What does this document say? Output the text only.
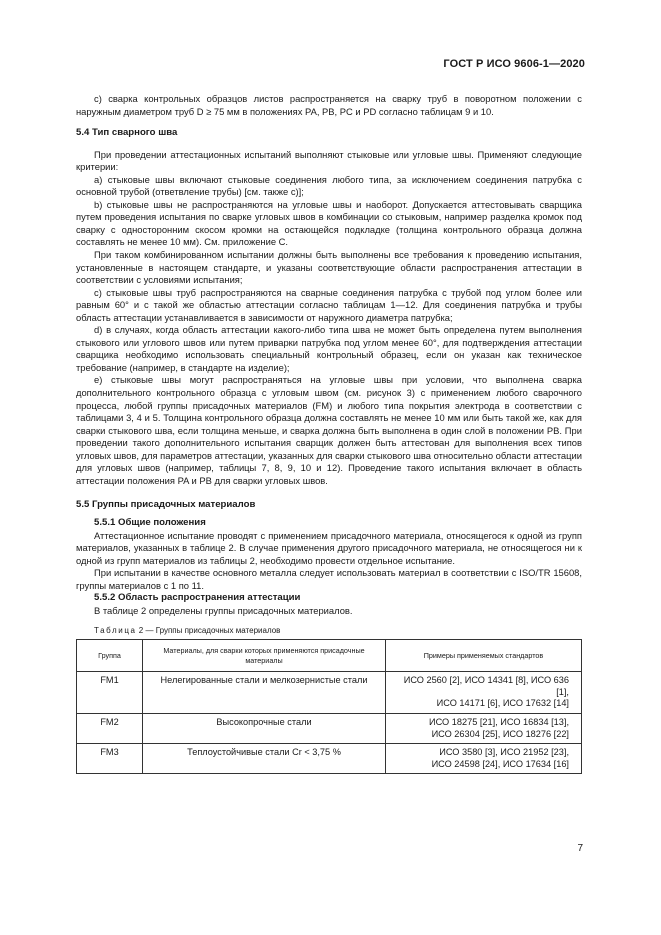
ГОСТ Р ИСО 9606-1—2020

c) сварка контрольных образцов листов распространяется на сварку труб в поворотном положении с наружным диаметром труб D ≥ 75 мм в положениях PA, PB, PC и PD согласно таблицам 9 и 10.

5.4 Тип сварного шва

При проведении аттестационных испытаний выполняют стыковые или угловые швы. Применяют следующие критерии:

а) стыковые швы включают стыковые соединения любого типа, за исключением соединения патрубка с основной трубой (ответвление трубы) [см. также с)];

b) стыковые швы не распространяются на угловые швы и наоборот. Допускается аттестовывать сварщика путем проведения испытания по сварке угловых швов в комбинации со стыковым, например разделка кромок под сварку с односторонним скосом кромки на остающейся подкладке (толщина контрольного образца должна составлять не менее 10 мм). См. приложение С.

При таком комбинированном испытании должны быть выполнены все требования к проведению испытания, установленные в настоящем стандарте, и указаны соответствующие области распространения аттестации в соответствии с условиями испытания;

c) стыковые швы труб распространяются на сварные соединения патрубка с трубой под углом более или равным 60° и с такой же областью аттестации согласно таблицам 1—12. Для соединения патрубка и трубы область аттестации устанавливается в зависимости от наружного диаметра патрубка;

d) в случаях, когда область аттестации какого-либо типа шва не может быть определена путем выполнения стыкового или углового швов или путем приварки патрубка под углом менее 60°, для подтверждения аттестации сварщика необходимо использовать специальный контрольный образец, если он указан как техническое требование (например, в стандарте на изделие);

e) стыковые швы могут распространяться на угловые швы при условии, что выполнена сварка дополнительного контрольного образца с угловым швом (см. рисунок 3) с применением любого сварочного процесса, любой группы присадочных материалов (FM) и любого типа покрытия электрода в соответствии с таблицами 3, 4 и 5. Толщина контрольного образца должна составлять не менее 10 мм или быть такой же, как для сварки стыкового шва, если толщина меньше, и сварка должна быть выполнена в один слой в положении PB. При проведении такого дополнительного испытания сварщик должен быть аттестован для выполнения всех типов угловых швов, для параметров аттестации, указанных для сварки стыкового шва относительно области аттестации для угловых швов (например, таблицы 7, 8, 9, 10 и 12). Проведение такого испытания включает в область аттестации положения PA и PB для сварки угловых швов.

5.5 Группы присадочных материалов

5.5.1 Общие положения

Аттестационное испытание проводят с применением присадочного материала, относящегося к одной из групп материалов, указанных в таблице 2. В случае применения другого присадочного материала, не относящегося ни к одной из групп материалов из таблицы 2, необходимо провести отдельное испытание.

При испытании в качестве основного металла следует использовать материал в соответствии с ISO/TR 15608, группы материалов с 1 по 11.

5.5.2 Область распространения аттестации

В таблице 2 определены группы присадочных материалов.

Таблица 2 — Группы присадочных материалов

Группа	Материалы, для сварки которых применяются присадочные материалы	Примеры применяемых стандартов
FM1	Нелегированные стали и мелкозернистые стали	ИСО 2560 [2], ИСО 14341 [8], ИСО 636 [1],
ИСО 14171 [6], ИСО 17632 [14]
FM2	Высокопрочные стали	ИСО 18275 [21], ИСО 16834 [13],
ИСО 26304 [25], ИСО 18276 [22]
FM3	Теплоустойчивые стали Cr < 3,75 %	ИСО 3580 [3], ИСО 21952 [23],
ИСО 24598 [24], ИСО 17634 [16]
7
